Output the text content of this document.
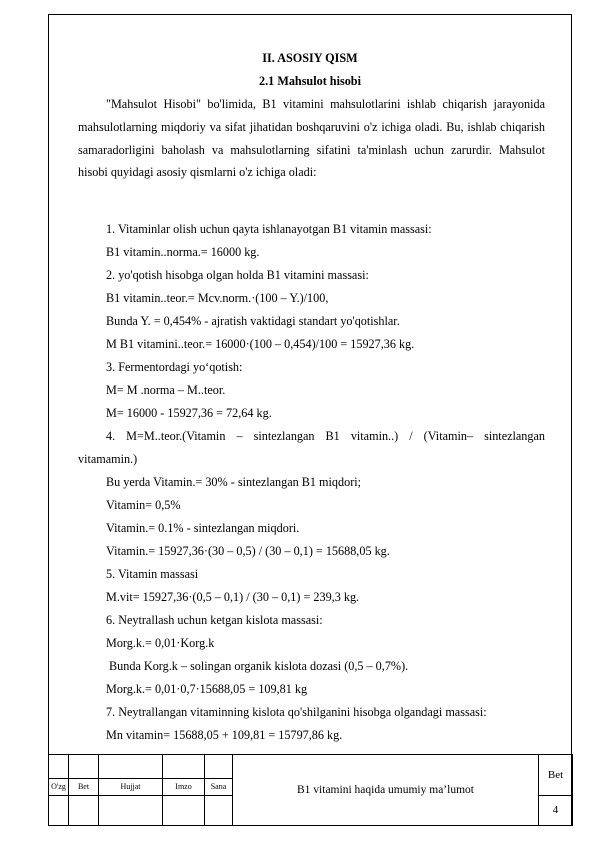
II. ASOSIY QISM
2.1 Mahsulot hisobi

"Mahsulot Hisobi" bo'limida, B1 vitamini mahsulotlarini ishlab chiqarish jarayonida mahsulotlarning miqdoriy va sifat jihatidan boshqaruvini o'z ichiga oladi. Bu, ishlab chiqarish samaradorligini baholash va mahsulotlarning sifatini ta'minlash uchun zarurdir. Mahsulot hisobi quyidagi asosiy qismlarni o'z ichiga oladi:

1. Vitaminlar olish uchun qayta ishlanayotgan B1 vitamin massasi:
B1 vitamin..norma.= 16000 kg.
2. yo'qotish hisobga olgan holda B1 vitamini massasi:
B1 vitamin..teor.= Mcv.norm.·(100 – Y.)/100,
Bunda Y. = 0,454% - ajratish vaktidagi standart yo'qotishlar.
M B1 vitamini..teor.= 16000·(100 – 0,454)/100 = 15927,36 kg.
3. Fermentordagi yo‘qotish:
M= M .norma – M..teor.
M= 16000 - 15927,36 = 72,64 kg.
4. M=M..teor.(Vitamin – sintezlangan B1 vitamin..) / (Vitamin– sintezlangan
vitamamin.)
Bu yerda Vitamin.= 30% - sintezlangan B1 miqdori;
Vitamin= 0,5%
Vitamin.= 0.1% - sintezlangan miqdori.
Vitamin.= 15927,36·(30 – 0,5) / (30 – 0,1) = 15688,05 kg.
5. Vitamin massasi
M.vit= 15927,36·(0,5 – 0,1) / (30 – 0,1) = 239,3 kg.
6. Neytrallash uchun ketgan kislota massasi:
Morg.k.= 0,01·Korg.k
Bunda Korg.k – solingan organik kislota dozasi (0,5 – 0,7%).
Morg.k.= 0,01·0,7·15688,05 = 109,81 kg
7. Neytrallangan vitaminning kislota qo'shilganini hisobga olgandagi massasi:
Mn vitamin= 15688,05 + 109,81 = 15797,86 kg.
					B1 vitamini haqida umumiy ma’lumot	Bet
O'zg	Bet	Hujjat	Imzo	Sana		
						4
